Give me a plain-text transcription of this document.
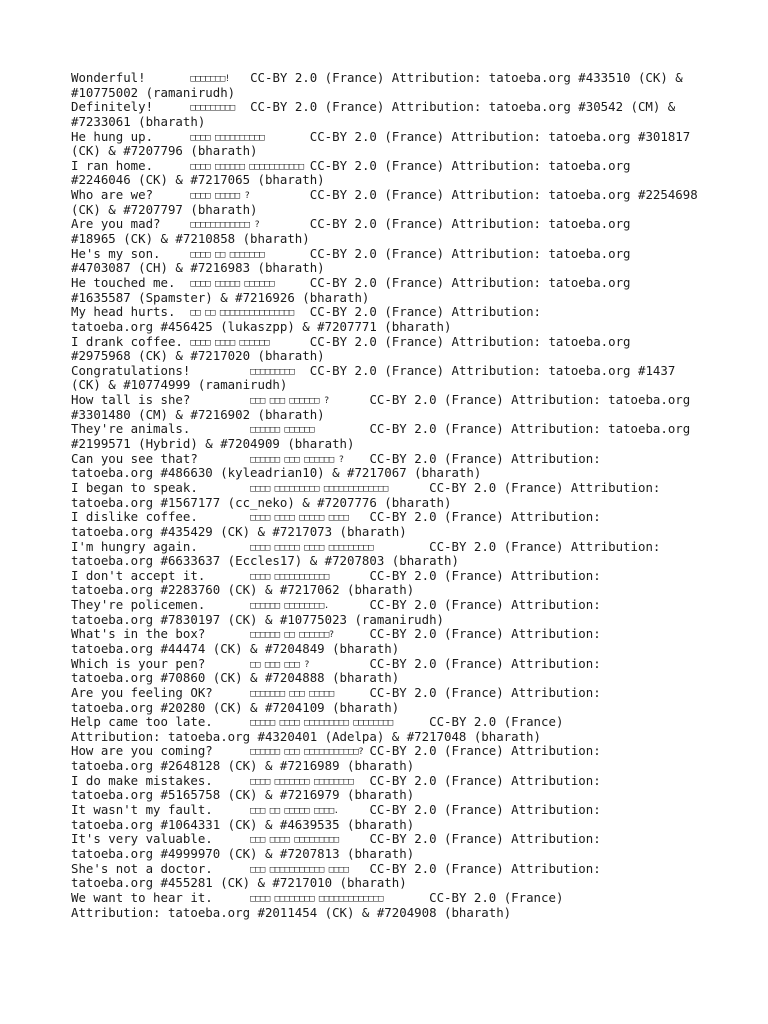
Wonderful!	□□□□□□□! CC-BY 2.0 (France) Attribution: tatoeba.org #433510 (CK) &
#10775002 (ramanirudh)
Definitely!	□□□□□□□□□ CC-BY 2.0 (France) Attribution: tatoeba.org #30542 (CM) &
#7233061 (bharath)
He hung up.	□□□□ □□□□□□□□□□	CC-BY 2.0 (France) Attribution: tatoeba.org #301817
(CK) & #7207796 (bharath)
I ran home.	□□□□ □□□□□□ □□□□□□□□□□□ CC-BY 2.0 (France) Attribution: tatoeba.org
#2246046 (CK) & #7217065 (bharath)
Who are we?	□□□□ □□□□□ ?	CC-BY 2.0 (France) Attribution: tatoeba.org #2254698
(CK) & #7207797 (bharath)
Are you mad?	□□□□□□□□□□□□ ?	CC-BY 2.0 (France) Attribution: tatoeba.org
#18965 (CK) & #7210858 (bharath)
He's my son.	□□□□ □□ □□□□□□□	CC-BY 2.0 (France) Attribution: tatoeba.org
#4703087 (CH) & #7216983 (bharath)
He touched me. □□□□ □□□□□ □□□□□□	CC-BY 2.0 (France) Attribution: tatoeba.org
#1635587 (Spamster) & #7216926 (bharath)
My head hurts. □□ □□ □□□□□□□□□□□□□□□ CC-BY 2.0 (France) Attribution:
tatoeba.org #456425 (lukaszpp) & #7207771 (bharath)
I drank coffee. □□□□ □□□□ □□□□□□	CC-BY 2.0 (France) Attribution: tatoeba.org
#2975968 (CK) & #7217020 (bharath)
Congratulations!	□□□□□□□□□ CC-BY 2.0 (France) Attribution: tatoeba.org #1437
(CK) & #10774999 (ramanirudh)
How tall is she?	□□□ □□□ □□□□□□ ?	CC-BY 2.0 (France) Attribution: tatoeba.org
#3301480 (CM) & #7216902 (bharath)
They're animals.	□□□□□□ □□□□□□	CC-BY 2.0 (France) Attribution: tatoeba.org
#2199571 (Hybrid) & #7204909 (bharath)
Can you see that?	□□□□□□ □□□ □□□□□□ ? CC-BY 2.0 (France) Attribution:
tatoeba.org #486630 (kyleadrian10) & #7217067 (bharath)
I began to speak.	□□□□ □□□□□□□□□ □□□□□□□□□□□□□	CC-BY 2.0 (France) Attribution:
tatoeba.org #1567177 (cc_neko) & #7207776 (bharath)
I dislike coffee.	□□□□ □□□□ □□□□□ □□□□ CC-BY 2.0 (France) Attribution:
tatoeba.org #435429 (CK) & #7217073 (bharath)
I'm hungry again.	□□□□ □□□□□ □□□□ □□□□□□□□□	CC-BY 2.0 (France) Attribution:
tatoeba.org #6633637 (Eccles17) & #7207803 (bharath)
I don't accept it.	□□□□ □□□□□□□□□□□	CC-BY 2.0 (France) Attribution:
tatoeba.org #2283760 (CK) & #7217062 (bharath)
They're policemen.	□□□□□□ □□□□□□□□.	CC-BY 2.0 (France) Attribution:
tatoeba.org #7830197 (CK) & #10775023 (ramanirudh)
What's in the box?	□□□□□□ □□ □□□□□□?	CC-BY 2.0 (France) Attribution:
tatoeba.org #44474 (CK) & #7204849 (bharath)
Which is your pen?	□□ □□□ □□□ ?	CC-BY 2.0 (France) Attribution:
tatoeba.org #70860 (CK) & #7204888 (bharath)
Are you feeling OK?	□□□□□□□ □□□ □□□□□	CC-BY 2.0 (France) Attribution:
tatoeba.org #20280 (CK) & #7204109 (bharath)
Help came too late.	□□□□□ □□□□ □□□□□□□□□ □□□□□□□□	CC-BY 2.0 (France)
Attribution: tatoeba.org #4320401 (Adelpa) & #7217048 (bharath)
How are you coming?	□□□□□□ □□□ □□□□□□□□□□□? CC-BY 2.0 (France) Attribution:
tatoeba.org #2648128 (CK) & #7216989 (bharath)
I do make mistakes.	□□□□ □□□□□□□ □□□□□□□□ CC-BY 2.0 (France) Attribution:
tatoeba.org #5165758 (CK) & #7216979 (bharath)
It wasn't my fault.	□□□ □□ □□□□□ □□□□. CC-BY 2.0 (France) Attribution:
tatoeba.org #1064331 (CK) & #4639535 (bharath)
It's very valuable.	□□□ □□□□ □□□□□□□□□ CC-BY 2.0 (France) Attribution:
tatoeba.org #4999970 (CK) & #7207813 (bharath)
She's not a doctor.	□□□ □□□□□□□□□□□ □□□□ CC-BY 2.0 (France) Attribution:
tatoeba.org #455281 (CK) & #7217010 (bharath)
We want to hear it.	□□□□ □□□□□□□□ □□□□□□□□□□□□□	CC-BY 2.0 (France)
Attribution: tatoeba.org #2011454 (CK) & #7204908 (bharath)
